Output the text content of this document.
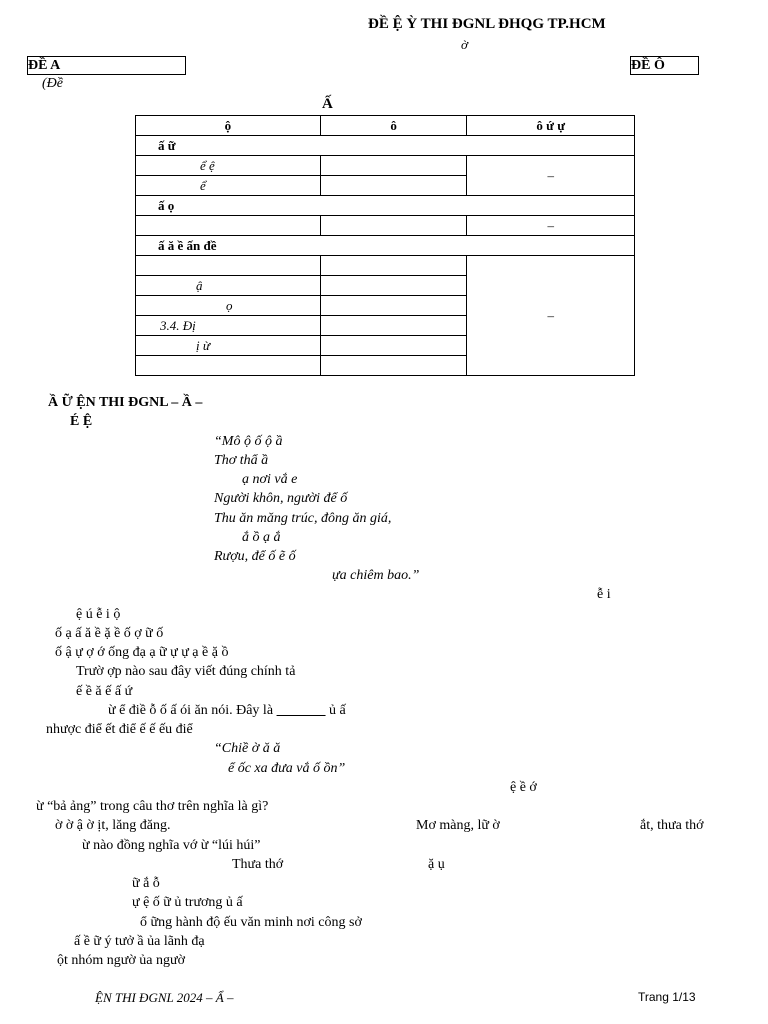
ĐỀ Ệ Ỳ THI ĐGNL ĐHQG TP.HCM
ờ
ĐỀ A	ĐỀ Ô
(Đề
Ấ
ộ	ô	ô ứ ự
ấ ữ		
ể ệ		–
ể		
ấ ọ		
		–
ấ ă ề ấn đề		
		–
ậ		
ọ		
3.4. Đị		
ị ừ		

Ầ Ữ ỆN THI ĐGNL – Ầ –
É Ệ
“Mô ộ ố ộ ầ
Thơ thẩ ầ
ạ nơi vắ e
Người khôn, người để ố
Thu ăn măng trúc, đông ăn giá,
ắ ồ ạ ắ
Rượu, để ố ẽ ố
ựa chiêm bao.”
ễ i
ệ ú ễ i ộ
ố ạ ấ ă ề ặ ề ố ợ ữ ố
ố ậ ự ợ ớ ống đạ ạ ữ ự ự ạ ề ặ ồ
Trườ ợp nào sau đây viết đúng chính tả
ế ề ă ế ấ ứ
ừ ể điề ỗ ố ấ ói ăn nói. Đây là	ủ ấ
nhược điể ết điể ế ế ếu điể
“Chiề ờ ă ă
ể ốc xa đưa vắ ố ồn”
ệ ề ớ
ừ “bả ảng” trong câu thơ trên nghĩa là gì?
ờ ờ ậ ờ ịt, lăng đăng.	Mơ màng, lữ ờ	ắt, thưa thớ
ừ nào đồng nghĩa vớ ừ “lúi húi”
Thưa thớ	ặ ụ
ữ ắ ỗ
ự ệ ố ữ ủ trương ủ ấ
ổ ững hành độ ếu văn minh nơi công sở
ấ ề ữ ý tưở ầ ủa lãnh đạ
ột nhóm ngườ ủa ngườ
ỆN THI ĐGNL 2024 – Ẩ –	Trang 1/13
